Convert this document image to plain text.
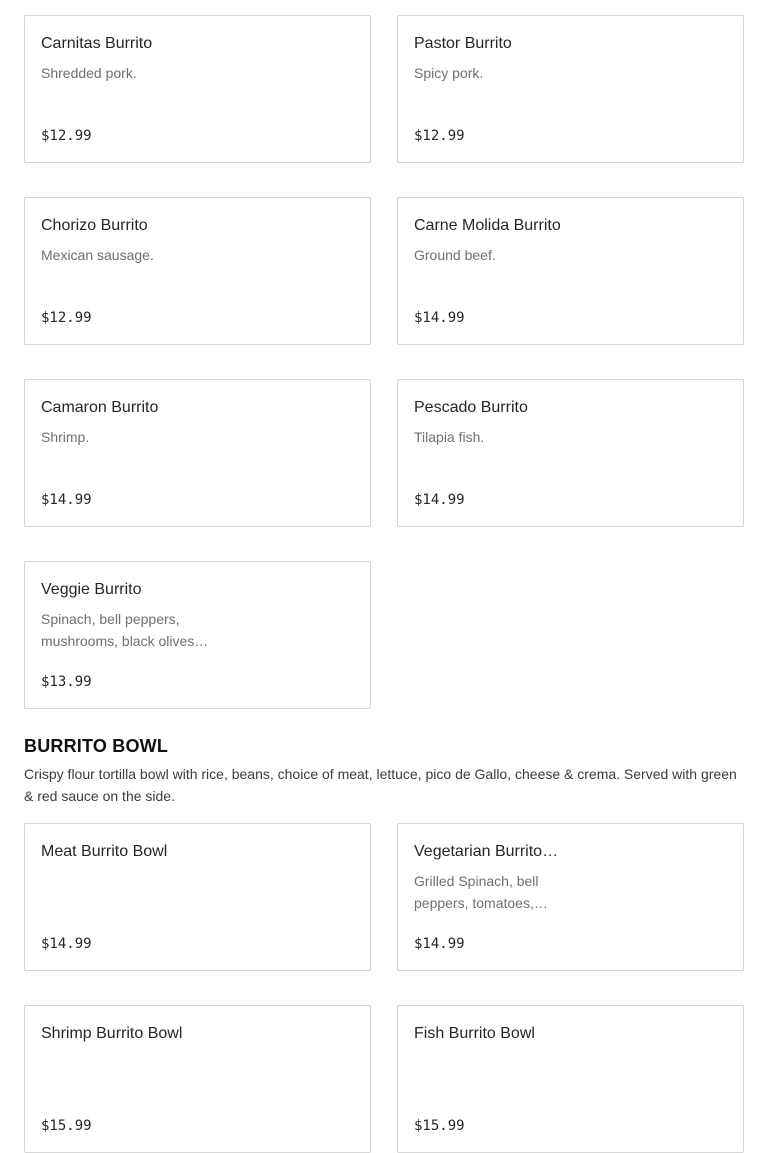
Carnitas Burrito
Shredded pork.
$12.99
Pastor Burrito
Spicy pork.
$12.99
Chorizo Burrito
Mexican sausage.
$12.99
Carne Molida Burrito
Ground beef.
$14.99
Camaron Burrito
Shrimp.
$14.99
Pescado Burrito
Tilapia fish.
$14.99
Veggie Burrito
Spinach, bell peppers, mushrooms, black olives…
$13.99
BURRITO BOWL

Crispy flour tortilla bowl with rice, beans, choice of meat, lettuce, pico de Gallo, cheese & crema. Served with green & red sauce on the side.

Meat Burrito Bowl
$14.99
Vegetarian Burrito…
Grilled Spinach, bell peppers, tomatoes,…
$14.99
Shrimp Burrito Bowl
$15.99
Fish Burrito Bowl
$15.99
